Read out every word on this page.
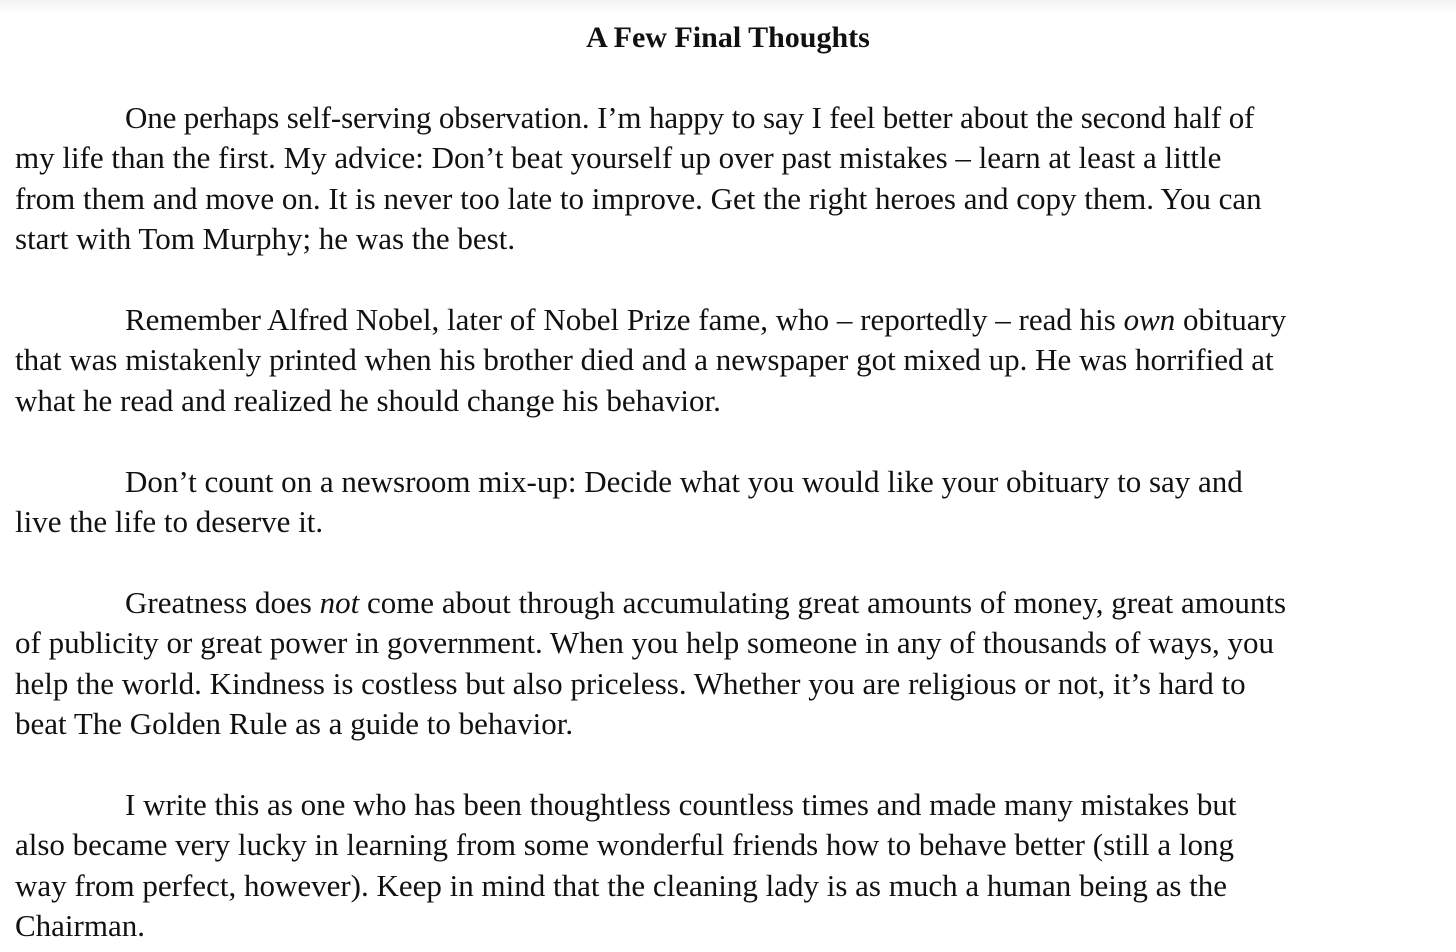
A Few Final Thoughts

One perhaps self-serving observation. I’m happy to say I feel better about the second half of
my life than the first. My advice: Don’t beat yourself up over past mistakes – learn at least a little
from them and move on. It is never too late to improve. Get the right heroes and copy them. You can
start with Tom Murphy; he was the best.

Remember Alfred Nobel, later of Nobel Prize fame, who – reportedly – read his own obituary
that was mistakenly printed when his brother died and a newspaper got mixed up. He was horrified at
what he read and realized he should change his behavior.

Don’t count on a newsroom mix-up: Decide what you would like your obituary to say and
live the life to deserve it.

Greatness does not come about through accumulating great amounts of money, great amounts
of publicity or great power in government. When you help someone in any of thousands of ways, you
help the world. Kindness is costless but also priceless. Whether you are religious or not, it’s hard to
beat The Golden Rule as a guide to behavior.

I write this as one who has been thoughtless countless times and made many mistakes but
also became very lucky in learning from some wonderful friends how to behave better (still a long
way from perfect, however). Keep in mind that the cleaning lady is as much a human being as the
Chairman.
